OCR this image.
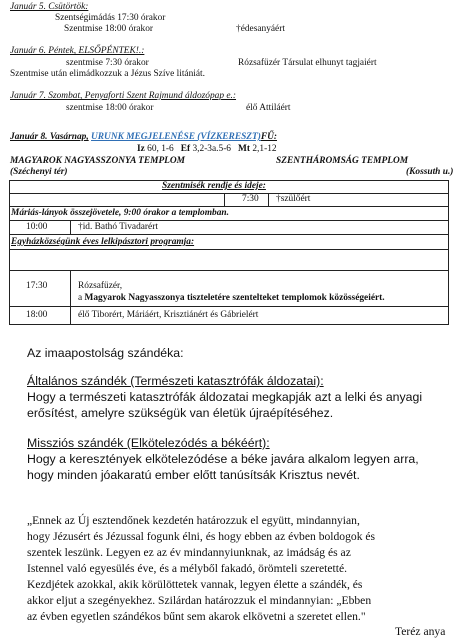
Január 5. Csütörtök:
Szentségimádás 17:30 órakor
Szentmise 18:00 órakor	†édesanyáért
Január 6. Péntek, ELSŐPÉNTEK!.:
szentmise 7:30 órakor	Rózsafüzér Társulat elhunyt tagjaiért
Szentmise után elimádkozzuk a Jézus Szíve litániát.
Január 7. Szombat, Penyaforti Szent Rajmund áldozópap e.:
szentmise 18:00 órakor	élő Attiláért
Január 8. Vasárnap, URUNK MEGJELENÉSE (VÍZKERESZT)FŰ:
Iz 60, 1-6 Ef 3,2-3a.5-6 Mt 2,1-12
MAGYAROK NAGYASSZONYA TEMPLOM	SZENTHÁROMSÁG TEMPLOM
(Széchenyi tér)	(Kossuth u.)
Szentmisék rendje és ideje:
7:30 †szülőért
Máriás-lányok összejövetele, 9:00 órakor a templomban.
10:00	†id. Bathó Tivadarért
Egyházközségünk éves lelkipásztori programja:
17:30	Rózsafüzér,
a Magyarok Nagyasszonya tiszteletére szentelteket templomok közösségeiért.
18:00	élő Tiborért, Máriáért, Krisztiánért és Gábrielért
Az imaapostolság szándéka:
Általános szándék (Természeti katasztrófák áldozatai):
Hogy a természeti katasztrófák áldozatai megkapják azt a lelki és anyagi
erősítést, amelyre szükségük van életük újraépítéséhez.
Missziós szándék (Elkötelezódés a békéért):
Hogy a keresztények elkötelezódése a béke javára alkalom legyen arra,
hogy minden jóakaratú ember előtt tanúsítsák Krisztus nevét.
„Ennek az Új esztendőnek kezdetén határozzuk el együtt, mindannyian,
hogy Jézusért és Jézussal fogunk élni, és hogy ebben az évben boldogok és
szentek leszünk. Legyen ez az év mindannyiunknak, az imádság és az
Istennel való egyesülés éve, és a mélyből fakadó, örömteli szeretetté.
Kezdjétek azokkal, akik körülöttetek vannak, legyen élette a szándék, és
akkor eljut a szegényekhez. Szilárdan határozzuk el mindannyian: „Ebben
az évben egyetlen szándékos bűnt sem akarok elkövetni a szeretet ellen."
Teréz anya
